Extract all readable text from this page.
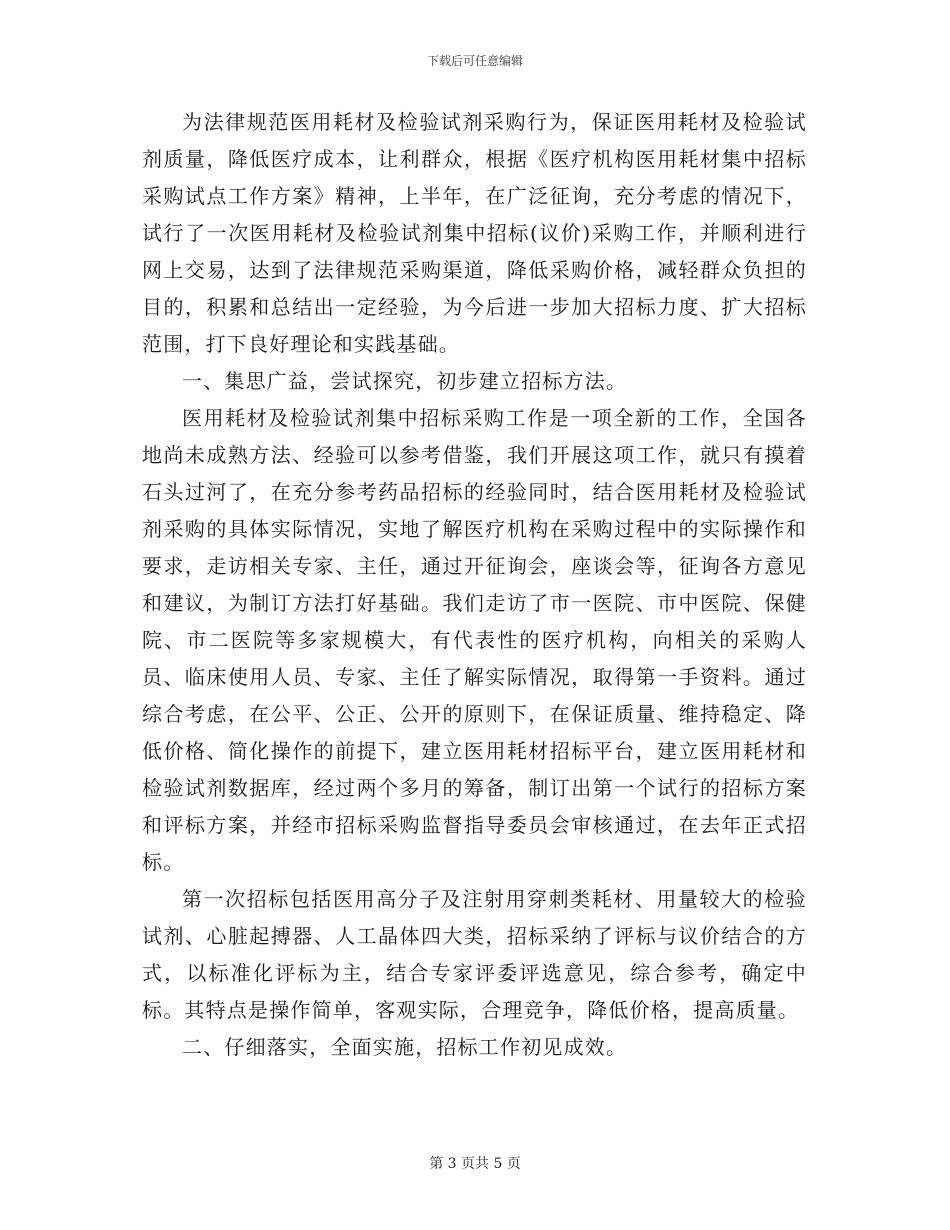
下载后可任意编辑

为法律规范医用耗材及检验试剂采购行为，保证医用耗材及检验试剂质量，降低医疗成本，让利群众，根据《医疗机构医用耗材集中招标采购试点工作方案》精神，上半年，在广泛征询，充分考虑的情况下，试行了一次医用耗材及检验试剂集中招标(议价)采购工作，并顺利进行网上交易，达到了法律规范采购渠道，降低采购价格，减轻群众负担的目的，积累和总结出一定经验，为今后进一步加大招标力度、扩大招标范围，打下良好理论和实践基础。

一、集思广益，尝试探究，初步建立招标方法。

医用耗材及检验试剂集中招标采购工作是一项全新的工作，全国各地尚未成熟方法、经验可以参考借鉴，我们开展这项工作，就只有摸着石头过河了，在充分参考药品招标的经验同时，结合医用耗材及检验试剂采购的具体实际情况，实地了解医疗机构在采购过程中的实际操作和要求，走访相关专家、主任，通过开征询会，座谈会等，征询各方意见和建议，为制订方法打好基础。我们走访了市一医院、市中医院、保健院、市二医院等多家规模大，有代表性的医疗机构，向相关的采购人员、临床使用人员、专家、主任了解实际情况，取得第一手资料。通过综合考虑，在公平、公正、公开的原则下，在保证质量、维持稳定、降低价格、简化操作的前提下，建立医用耗材招标平台，建立医用耗材和检验试剂数据库，经过两个多月的筹备，制订出第一个试行的招标方案和评标方案，并经市招标采购监督指导委员会审核通过，在去年正式招标。

第一次招标包括医用高分子及注射用穿刺类耗材、用量较大的检验试剂、心脏起搏器、人工晶体四大类，招标采纳了评标与议价结合的方式，以标准化评标为主，结合专家评委评选意见，综合参考，确定中标。其特点是操作简单，客观实际，合理竞争，降低价格，提高质量。

二、仔细落实，全面实施，招标工作初见成效。

第 3 页共 5 页
